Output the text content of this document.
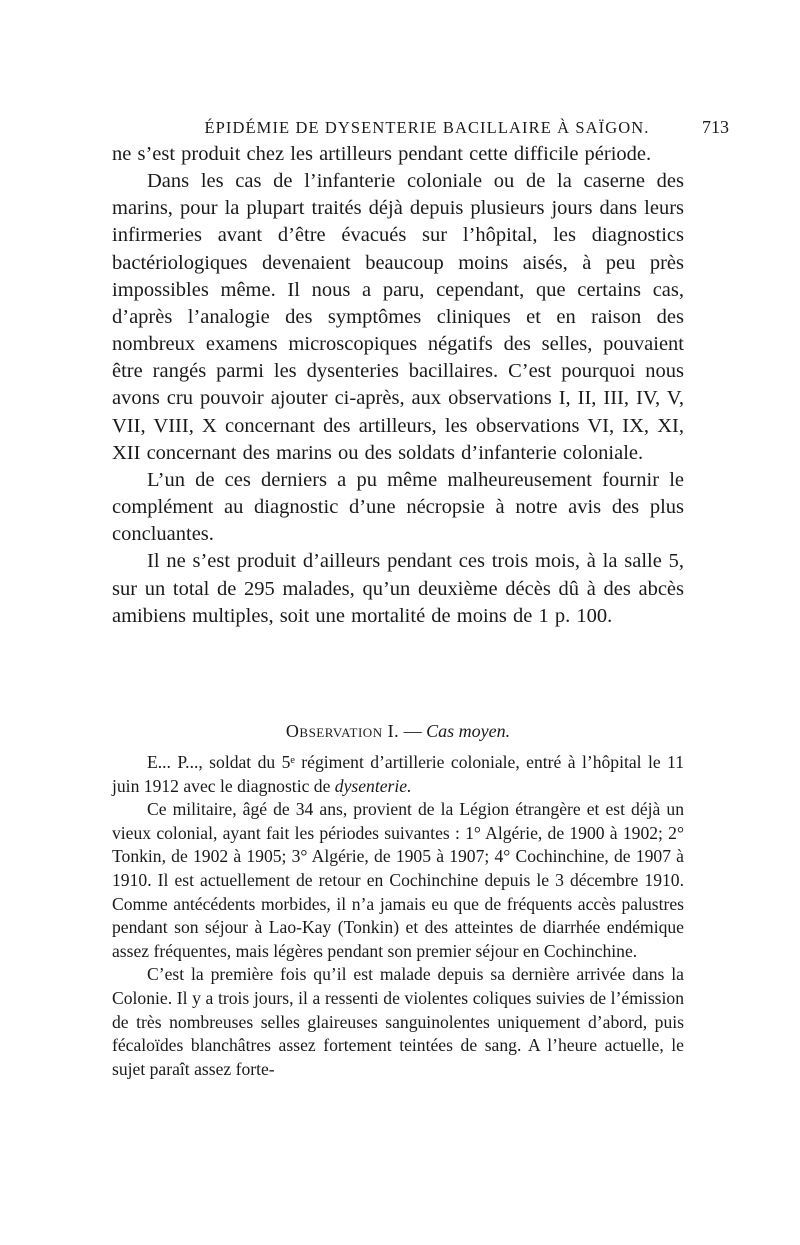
ÉPIDÉMIE DE DYSENTERIE BACILLAIRE À SAÏGON.	713

ne s’est produit chez les artilleurs pendant cette difficile période.

Dans les cas de l’infanterie coloniale ou de la caserne des marins, pour la plupart traités déjà depuis plusieurs jours dans leurs infirmeries avant d’être évacués sur l’hôpital, les diagnostics bactériologiques devenaient beaucoup moins aisés, à peu près impossibles même. Il nous a paru, cependant, que certains cas, d’après l’analogie des symptômes cliniques et en raison des nombreux examens microscopiques négatifs des selles, pouvaient être rangés parmi les dysenteries bacillaires. C’est pourquoi nous avons cru pouvoir ajouter ci-après, aux observations I, II, III, IV, V, VII, VIII, X concernant des artilleurs, les observations VI, IX, XI, XII concernant des marins ou des soldats d’infanterie coloniale.

L’un de ces derniers a pu même malheureusement fournir le complément au diagnostic d’une nécropsie à notre avis des plus concluantes.

Il ne s’est produit d’ailleurs pendant ces trois mois, à la salle 5, sur un total de 295 malades, qu’un deuxième décès dû à des abcès amibiens multiples, soit une mortalité de moins de 1 p. 100.

Observation I. — Cas moyen.

E... P..., soldat du 5ᵉ régiment d’artillerie coloniale, entré à l’hôpital le 11 juin 1912 avec le diagnostic de dysenterie.

Ce militaire, âgé de 34 ans, provient de la Légion étrangère et est déjà un vieux colonial, ayant fait les périodes suivantes : 1° Algérie, de 1900 à 1902; 2° Tonkin, de 1902 à 1905; 3° Algérie, de 1905 à 1907; 4° Cochinchine, de 1907 à 1910. Il est actuellement de retour en Cochinchine depuis le 3 décembre 1910. Comme antécédents morbides, il n’a jamais eu que de fréquents accès palustres pendant son séjour à Lao-Kay (Tonkin) et des atteintes de diarrhée endémique assez fréquentes, mais légères pendant son premier séjour en Cochinchine.

C’est la première fois qu’il est malade depuis sa dernière arrivée dans la Colonie. Il y a trois jours, il a ressenti de violentes coliques suivies de l’émission de très nombreuses selles glaireuses sanguinolentes uniquement d’abord, puis fécaloïdes blanchâtres assez fortement teintées de sang. A l’heure actuelle, le sujet paraît assez forte-
